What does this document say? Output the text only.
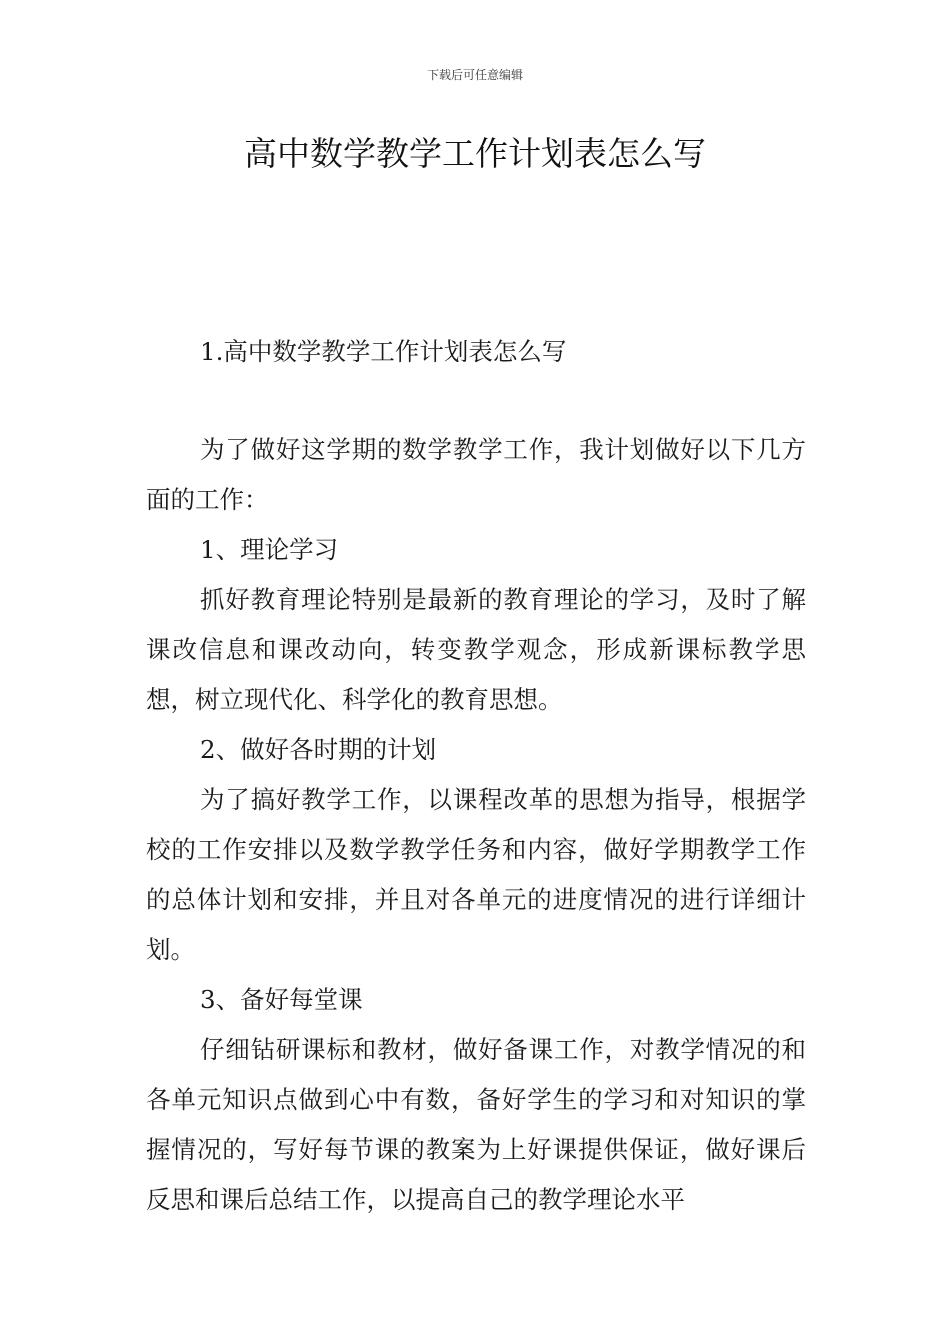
下载后可任意编辑
高中数学教学工作计划表怎么写
1.高中数学教学工作计划表怎么写

为了做好这学期的数学教学工作，我计划做好以下几方面的工作：

1、理论学习

抓好教育理论特别是最新的教育理论的学习，及时了解课改信息和课改动向，转变教学观念，形成新课标教学思想，树立现代化、科学化的教育思想。

2、做好各时期的计划

为了搞好教学工作，以课程改革的思想为指导，根据学校的工作安排以及数学教学任务和内容，做好学期教学工作的总体计划和安排，并且对各单元的进度情况的进行详细计划。

3、备好每堂课

仔细钻研课标和教材，做好备课工作，对教学情况的和各单元知识点做到心中有数，备好学生的学习和对知识的掌握情况的，写好每节课的教案为上好课提供保证，做好课后反思和课后总结工作，以提高自己的教学理论水平
